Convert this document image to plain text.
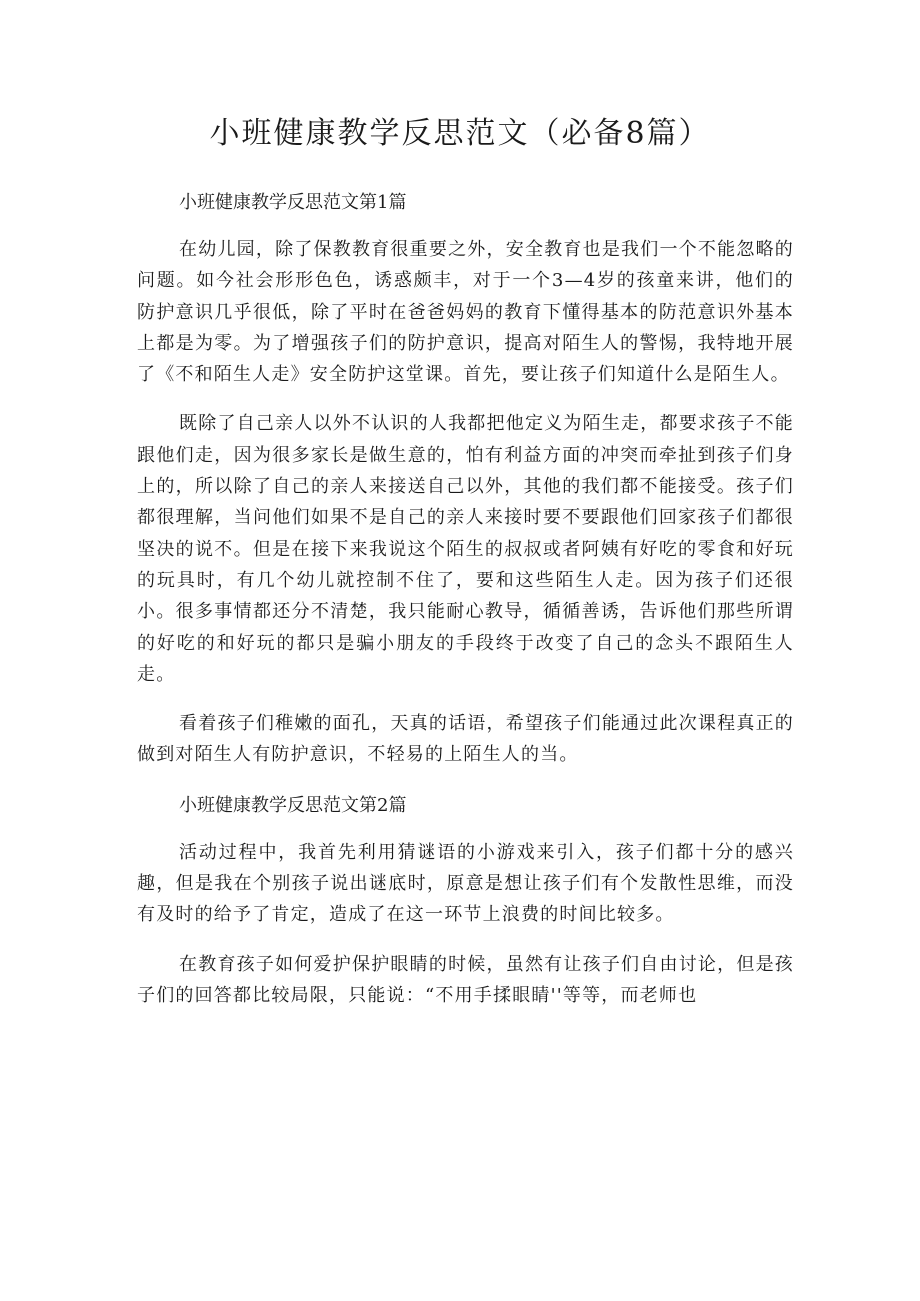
小班健康教学反思范文（必备8篇）
小班健康教学反思范文第1篇

在幼儿园，除了保教教育很重要之外，安全教育也是我们一个不能忽略的问题。如今社会形形色色，诱惑颇丰，对于一个3—4岁的孩童来讲，他们的防护意识几乎很低，除了平时在爸爸妈妈的教育下懂得基本的防范意识外基本上都是为零。为了增强孩子们的防护意识，提高对陌生人的警惕，我特地开展了《不和陌生人走》安全防护这堂课。首先，要让孩子们知道什么是陌生人。

既除了自己亲人以外不认识的人我都把他定义为陌生走，都要求孩子不能跟他们走，因为很多家长是做生意的，怕有利益方面的冲突而牵扯到孩子们身上的，所以除了自己的亲人来接送自己以外，其他的我们都不能接受。孩子们都很理解，当问他们如果不是自己的亲人来接时要不要跟他们回家孩子们都很坚决的说不。但是在接下来我说这个陌生的叔叔或者阿姨有好吃的零食和好玩的玩具时，有几个幼儿就控制不住了，要和这些陌生人走。因为孩子们还很小。很多事情都还分不清楚，我只能耐心教导，循循善诱，告诉他们那些所谓的好吃的和好玩的都只是骗小朋友的手段终于改变了自己的念头不跟陌生人走。

看着孩子们稚嫩的面孔，天真的话语，希望孩子们能通过此次课程真正的做到对陌生人有防护意识，不轻易的上陌生人的当。

小班健康教学反思范文第2篇

活动过程中，我首先利用猜谜语的小游戏来引入，孩子们都十分的感兴趣，但是我在个别孩子说出谜底时，原意是想让孩子们有个发散性思维，而没有及时的给予了肯定，造成了在这一环节上浪费的时间比较多。

在教育孩子如何爱护保护眼睛的时候，虽然有让孩子们自由讨论，但是孩子们的回答都比较局限，只能说：“不用手揉眼睛''等等，而老师也
